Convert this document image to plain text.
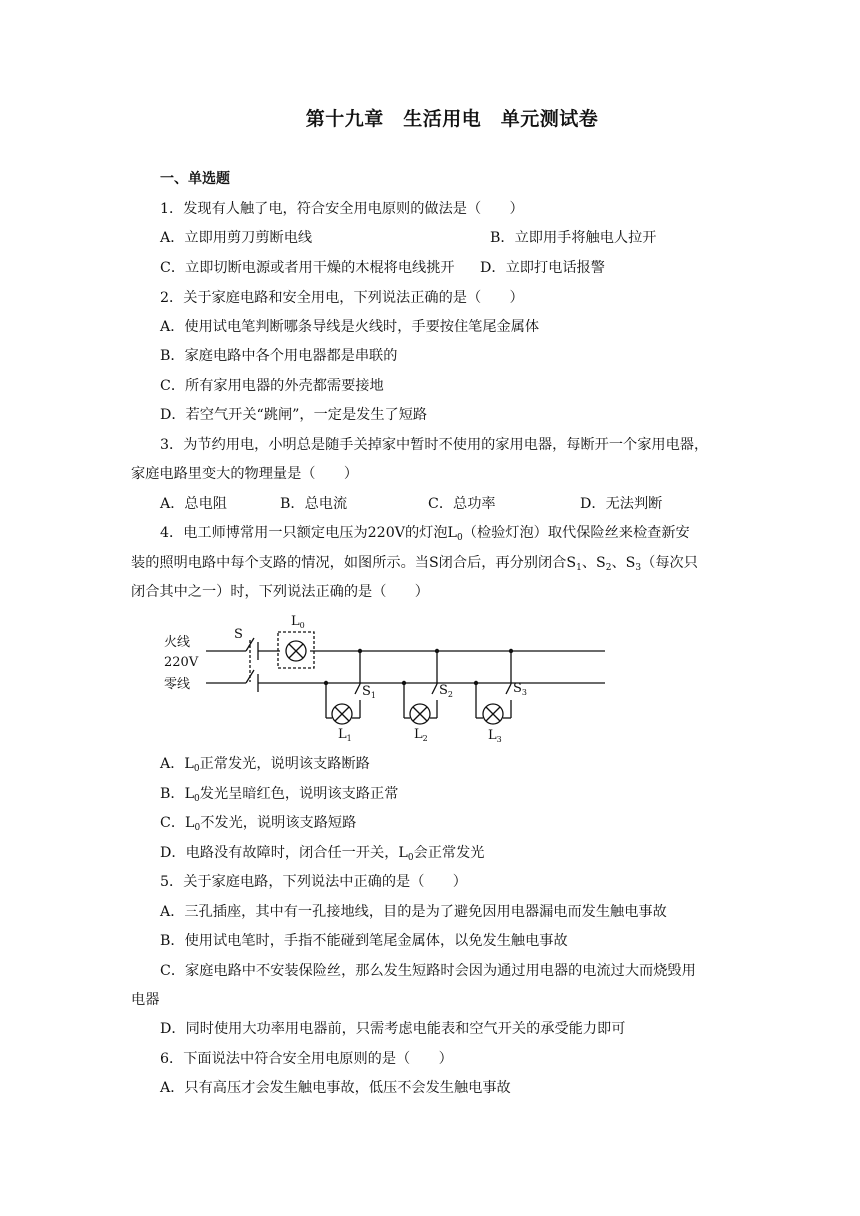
第十九章　生活用电　单元测试卷
一、单选题
1．发现有人触了电，符合安全用电原则的做法是（　　）
A．立即用剪刀剪断电线	B．立即用手将触电人拉开
C．立即切断电源或者用干燥的木棍将电线挑开 D．立即打电话报警
2．关于家庭电路和安全用电，下列说法正确的是（　　）
A．使用试电笔判断哪条导线是火线时，手要按住笔尾金属体
B．家庭电路中各个用电器都是串联的
C．所有家用电器的外壳都需要接地
D．若空气开关“跳闸”，一定是发生了短路
3．为节约用电，小明总是随手关掉家中暂时不使用的家用电器，每断开一个家用电器，
家庭电路里变大的物理量是（　　）
A．总电阻	B．总电流	C．总功率	D．无法判断
4．电工师博常用一只额定电压为220V的灯泡$L_0$（检验灯泡）取代保险丝来检查新安
装的照明电路中每个支路的情况，如图所示。当S闭合后，再分别闭合$S_1$、$S_2$、$S_3$（每次只
闭合其中之一）时，下列说法正确的是（　　）
火线
220V
零线
S
$L_0$
$S_1$	$S_2$	$S_3$
$L_1$	$L_2$	$L_3$
A．$L_0$正常发光，说明该支路断路
B．$L_0$发光呈暗红色，说明该支路正常
C．$L_0$不发光，说明该支路短路
D．电路没有故障时，闭合任一开关，$L_0$会正常发光
5．关于家庭电路，下列说法中正确的是（　　）
A．三孔插座，其中有一孔接地线，目的是为了避免因用电器漏电而发生触电事故
B．使用试电笔时，手指不能碰到笔尾金属体，以免发生触电事故
C．家庭电路中不安装保险丝，那么发生短路时会因为通过用电器的电流过大而烧毁用
电器
D．同时使用大功率用电器前，只需考虑电能表和空气开关的承受能力即可
6．下面说法中符合安全用电原则的是（　　）
A．只有高压才会发生触电事故，低压不会发生触电事故
